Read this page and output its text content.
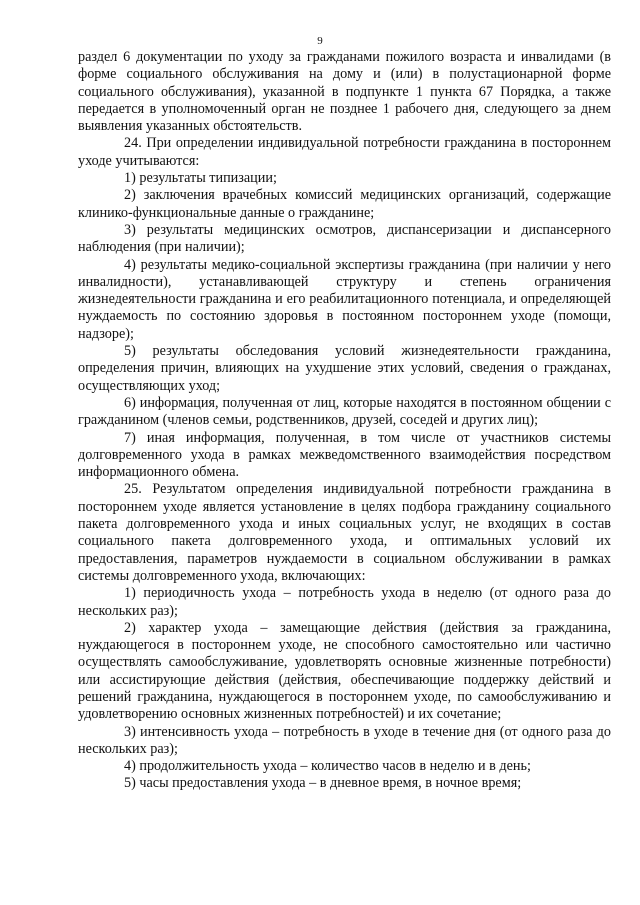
9

раздел 6 документации по уходу за гражданами пожилого возраста и инвалидами (в форме социального обслуживания на дому и (или) в полустационарной форме социального обслуживания), указанной в подпункте 1 пункта 67 Порядка, а также передается в уполномоченный орган не позднее 1 рабочего дня, следующего за днем выявления указанных обстоятельств.

24. При определении индивидуальной потребности гражданина в постороннем уходе учитываются:

1) результаты типизации;

2) заключения врачебных комиссий медицинских организаций, содержащие клинико-функциональные данные о гражданине;

3) результаты медицинских осмотров, диспансеризации и диспансерного наблюдения (при наличии);

4) результаты медико-социальной экспертизы гражданина (при наличии у него инвалидности), устанавливающей структуру и степень ограничения жизнедеятельности гражданина и его реабилитационного потенциала, и определяющей нуждаемость по состоянию здоровья в постоянном постороннем уходе (помощи, надзоре);

5) результаты обследования условий жизнедеятельности гражданина, определения причин, влияющих на ухудшение этих условий, сведения о гражданах, осуществляющих уход;

6) информация, полученная от лиц, которые находятся в постоянном общении с гражданином (членов семьи, родственников, друзей, соседей и других лиц);

7) иная информация, полученная, в том числе от участников системы долговременного ухода в рамках межведомственного взаимодействия посредством информационного обмена.

25. Результатом определения индивидуальной потребности гражданина в постороннем уходе является установление в целях подбора гражданину социального пакета долговременного ухода и иных социальных услуг, не входящих в состав социального пакета долговременного ухода, и оптимальных условий их предоставления, параметров нуждаемости в социальном обслуживании в рамках системы долговременного ухода, включающих:

1) периодичность ухода – потребность ухода в неделю (от одного раза до нескольких раз);

2) характер ухода – замещающие действия (действия за гражданина, нуждающегося в постороннем уходе, не способного самостоятельно или частично осуществлять самообслуживание, удовлетворять основные жизненные потребности) или ассистирующие действия (действия, обеспечивающие поддержку действий и решений гражданина, нуждающегося в постороннем уходе, по самообслуживанию и удовлетворению основных жизненных потребностей) и их сочетание;

3) интенсивность ухода – потребность в уходе в течение дня (от одного раза до нескольких раз);

4) продолжительность ухода – количество часов в неделю и в день;

5) часы предоставления ухода – в дневное время, в ночное время;
